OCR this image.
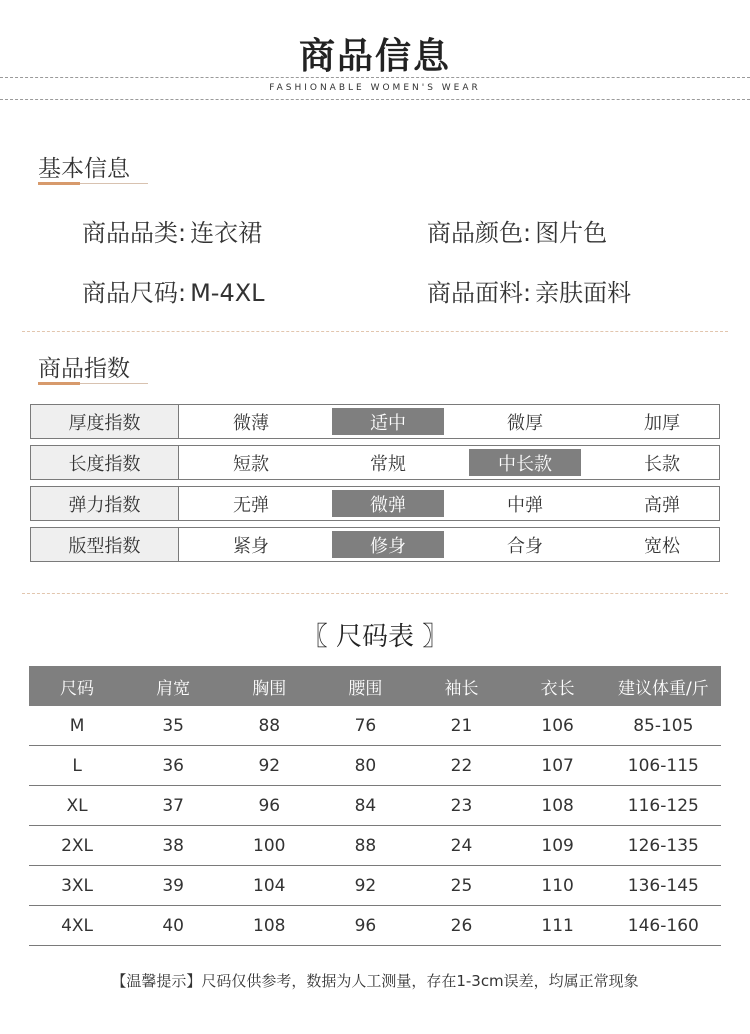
商品信息
FASHIONABLE WOMEN'S WEAR
基本信息
商品品类: 连衣裙	商品颜色: 图片色
商品尺码: M-4XL	商品面料: 亲肤面料
商品指数
厚度指数	微薄	适中	微厚	加厚
长度指数	短款	常规	中长款	长款
弹力指数	无弹	微弹	中弹	高弹
版型指数	紧身	修身	合身	宽松
〖 尺码表 〗
尺码	肩宽	胸围	腰围	袖长	衣长	建议体重/斤
M	35	88	76	21	106	85-105
L	36	92	80	22	107	106-115
XL	37	96	84	23	108	116-125
2XL	38	100	88	24	109	126-135
3XL	39	104	92	25	110	136-145
4XL	40	108	96	26	111	146-160
【温馨提示】尺码仅供参考，数据为人工测量，存在1-3cm误差，均属正常现象
